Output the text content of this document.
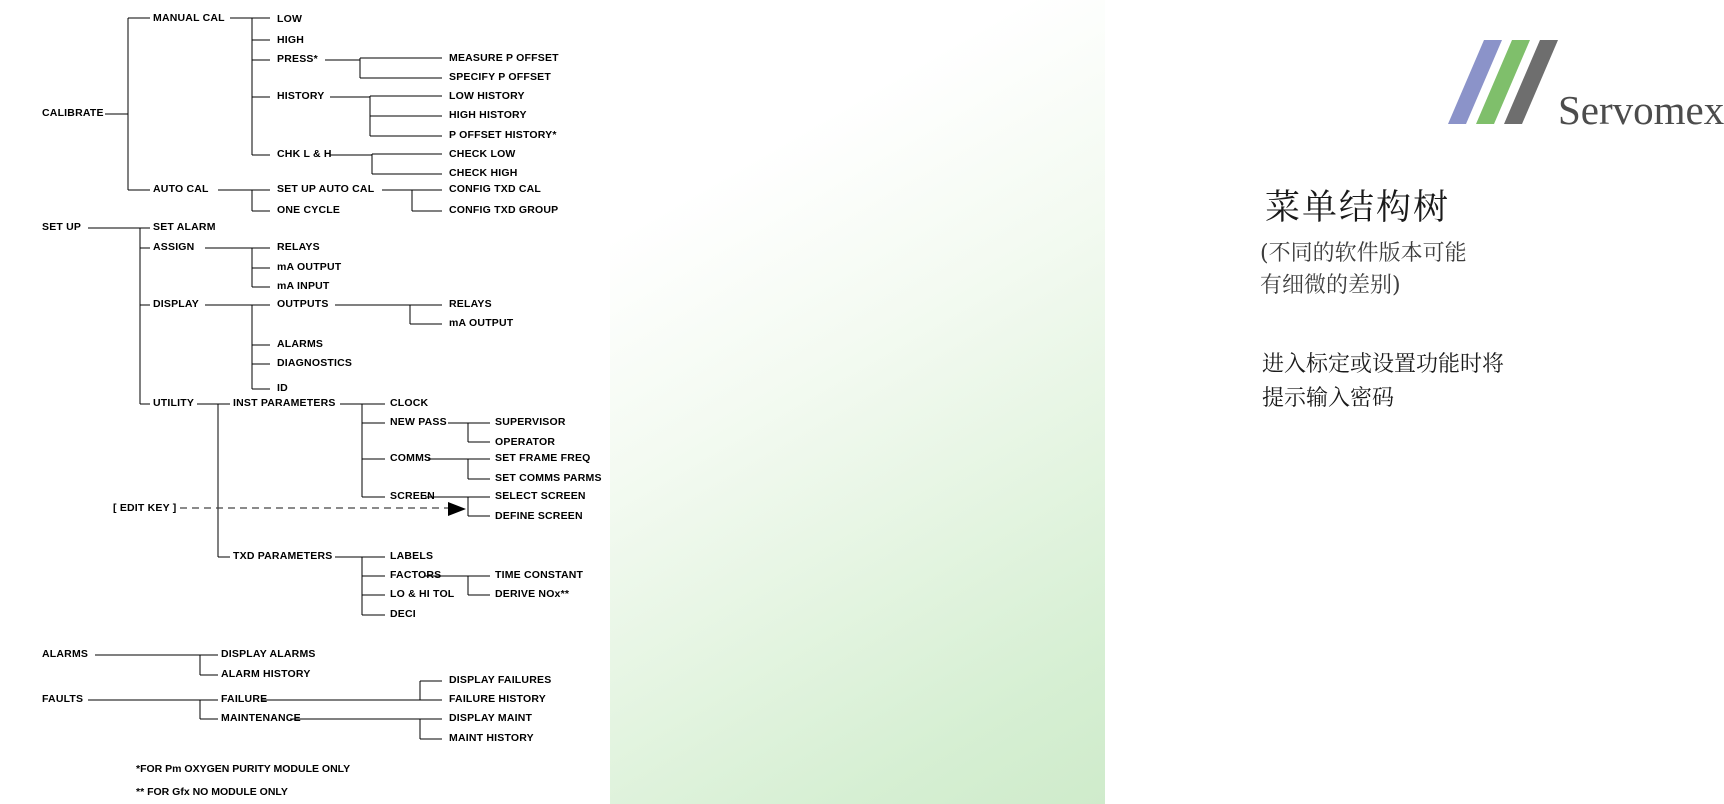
Servomex
菜单结构树
(不同的软件版本可能
有细微的差别)
进入标定或设置功能时将
提示输入密码
CALIBRATE
MANUAL CAL	LOW
HIGH
PRESS*	MEASURE P OFFSET
SPECIFY P OFFSET
HISTORY	LOW HISTORY
HIGH HISTORY
P OFFSET HISTORY*
CHK L & H	CHECK LOW
CHECK HIGH
AUTO CAL	SET UP AUTO CAL	CONFIG TXD CAL
CONFIG TXD GROUP
ONE CYCLE
SET UP	SET ALARM
ASSIGN	RELAYS
mA OUTPUT
mA INPUT
DISPLAY	OUTPUTS	RELAYS
mA OUTPUT
ALARMS
DIAGNOSTICS
ID
UTILITY	INST PARAMETERS	CLOCK
NEW PASS	SUPERVISOR
OPERATOR
COMMS	SET FRAME FREQ
SET COMMS PARMS
SCREEN	SELECT SCREEN
DEFINE SCREEN
[ EDIT KEY ]
TXD PARAMETERS	LABELS
FACTORS	TIME CONSTANT
LO & HI TOL	DERIVE NOx**
DECI
ALARMS	DISPLAY ALARMS
ALARM HISTORY
FAULTS	FAILURE
DISPLAY FAILURES
FAILURE HISTORY
MAINTENANCE	DISPLAY MAINT
MAINT HISTORY
*FOR Pm OXYGEN PURITY MODULE ONLY
** FOR Gfx NO MODULE ONLY
